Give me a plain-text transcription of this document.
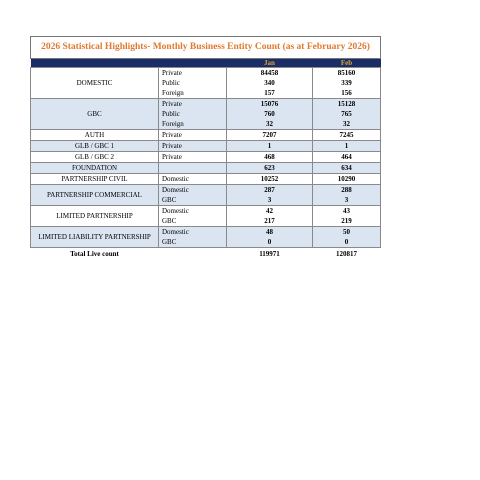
2026 Statistical Highlights- Monthly Business Entity Count (as at February 2026)			
		Jan	Feb
DOMESTIC	Private	84458	85160
	Public	340	339
	Foreign	157	156
GBC	Private	15076	15128
	Public	760	765
	Foreign	32	32
AUTH	Private	7207	7245
GLB / GBC 1	Private	1	1
GLB / GBC 2	Private	468	464
FOUNDATION		623	634
PARTNERSHIP CIVIL	Domestic	10252	10290
PARTNERSHIP COMMERCIAL	Domestic	287	288
	GBC	3	3
LIMITED PARTNERSHIP	Domestic	42	43
	GBC	217	219
LIMITED LIABILITY PARTNERSHIP	Domestic	48	50
	GBC	0	0
Total Live count		119971	120817
